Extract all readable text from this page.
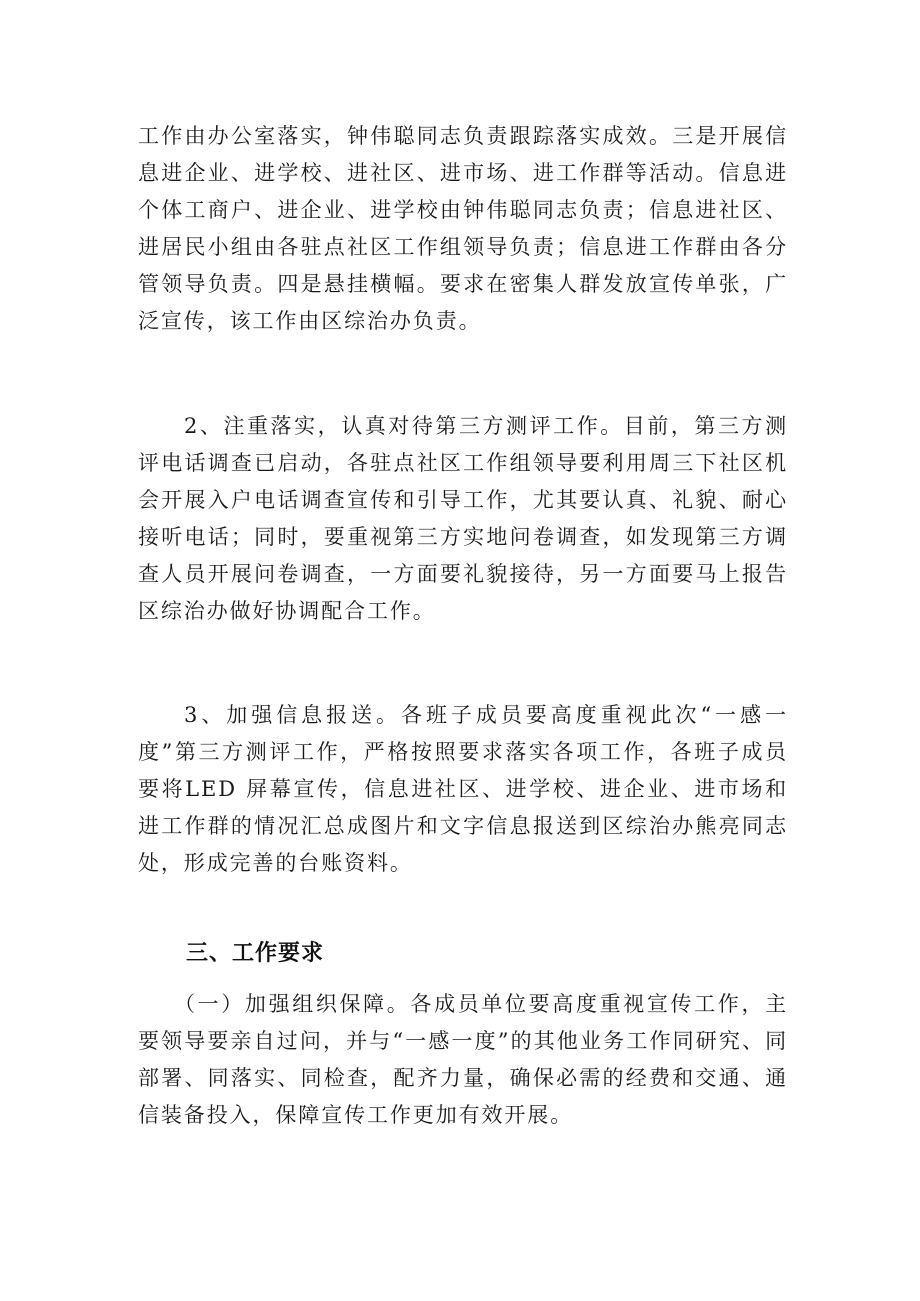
工作由办公室落实，钟伟聪同志负责跟踪落实成效。三是开展信息进企业、进学校、进社区、进市场、进工作群等活动。信息进个体工商户、进企业、进学校由钟伟聪同志负责；信息进社区、进居民小组由各驻点社区工作组领导负责；信息进工作群由各分管领导负责。四是悬挂横幅。要求在密集人群发放宣传单张，广泛宣传，该工作由区综治办负责。

2、注重落实，认真对待第三方测评工作。目前，第三方测评电话调查已启动，各驻点社区工作组领导要利用周三下社区机会开展入户电话调查宣传和引导工作，尤其要认真、礼貌、耐心接听电话；同时，要重视第三方实地问卷调查，如发现第三方调查人员开展问卷调查，一方面要礼貌接待，另一方面要马上报告区综治办做好协调配合工作。

3、加强信息报送。各班子成员要高度重视此次“一感一度”第三方测评工作，严格按照要求落实各项工作，各班子成员要将LED 屏幕宣传，信息进社区、进学校、进企业、进市场和进工作群的情况汇总成图片和文字信息报送到区综治办熊亮同志处，形成完善的台账资料。

三、工作要求

（一）加强组织保障。各成员单位要高度重视宣传工作，主要领导要亲自过问，并与“一感一度”的其他业务工作同研究、同部署、同落实、同检查，配齐力量，确保必需的经费和交通、通信装备投入，保障宣传工作更加有效开展。
